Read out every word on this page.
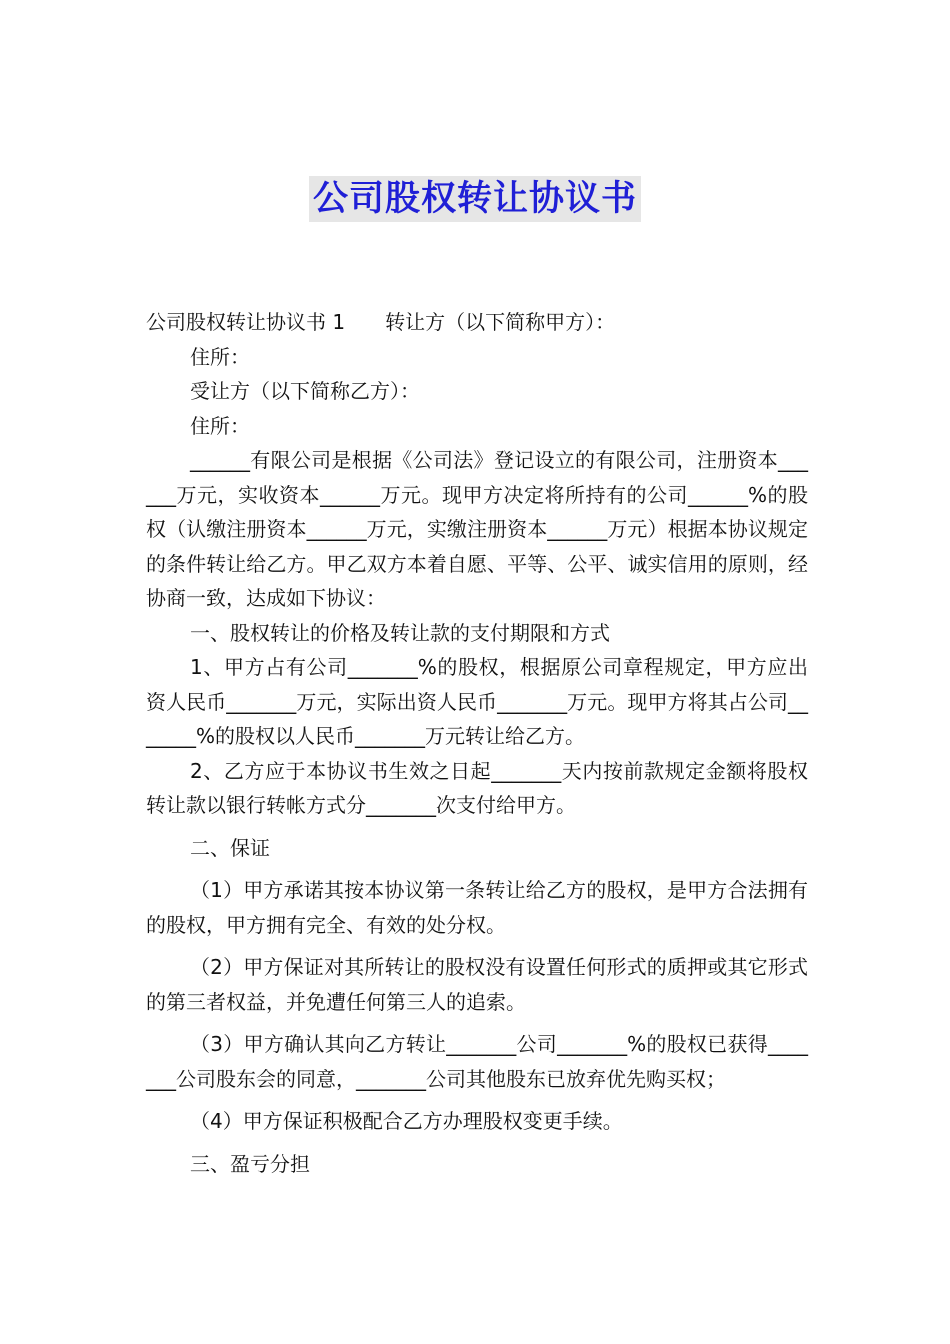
公司股权转让协议书

公司股权转让协议书 1 转让方（以下简称甲方）：

住所：

受让方（以下简称乙方）：

住所：

______有限公司是根据《公司法》登记设立的有限公司，注册资本______万元，实收资本______万元。现甲方决定将所持有的公司______%的股权（认缴注册资本______万元，实缴注册资本______万元）根据本协议规定的条件转让给乙方。甲乙双方本着自愿、平等、公平、诚实信用的原则，经协商一致，达成如下协议：

一、股权转让的价格及转让款的支付期限和方式

1、甲方占有公司_______%的股权，根据原公司章程规定，甲方应出资人民币_______万元，实际出资人民币_______万元。现甲方将其占公司_______%的股权以人民币_______万元转让给乙方。

2、乙方应于本协议书生效之日起_______天内按前款规定金额将股权转让款以银行转帐方式分_______次支付给甲方。

二、保证

（1）甲方承诺其按本协议第一条转让给乙方的股权，是甲方合法拥有的股权，甲方拥有完全、有效的处分权。

（2）甲方保证对其所转让的股权没有设置任何形式的质押或其它形式的第三者权益，并免遭任何第三人的追索。

（3）甲方确认其向乙方转让_______公司_______%的股权已获得_______公司股东会的同意，_______公司其他股东已放弃优先购买权；

（4）甲方保证积极配合乙方办理股权变更手续。

三、盈亏分担
